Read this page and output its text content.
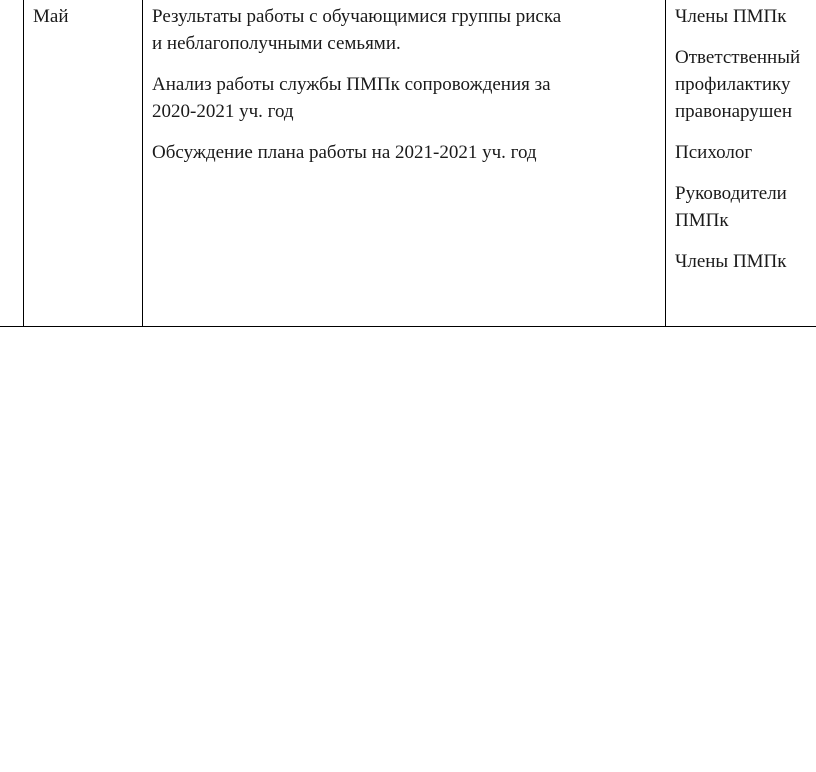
Май	Результаты работы с обучающимися группы риска
и неблагополучными семьями.
Анализ работы службы ПМПк сопровождения за
2020-2021 уч. год
Обсуждение плана работы на 2021-2021 уч. год
Члены ПМПк
Ответственный
профилактику
правонарушен
Психолог
Руководители
ПМПк
Члены ПМПк
